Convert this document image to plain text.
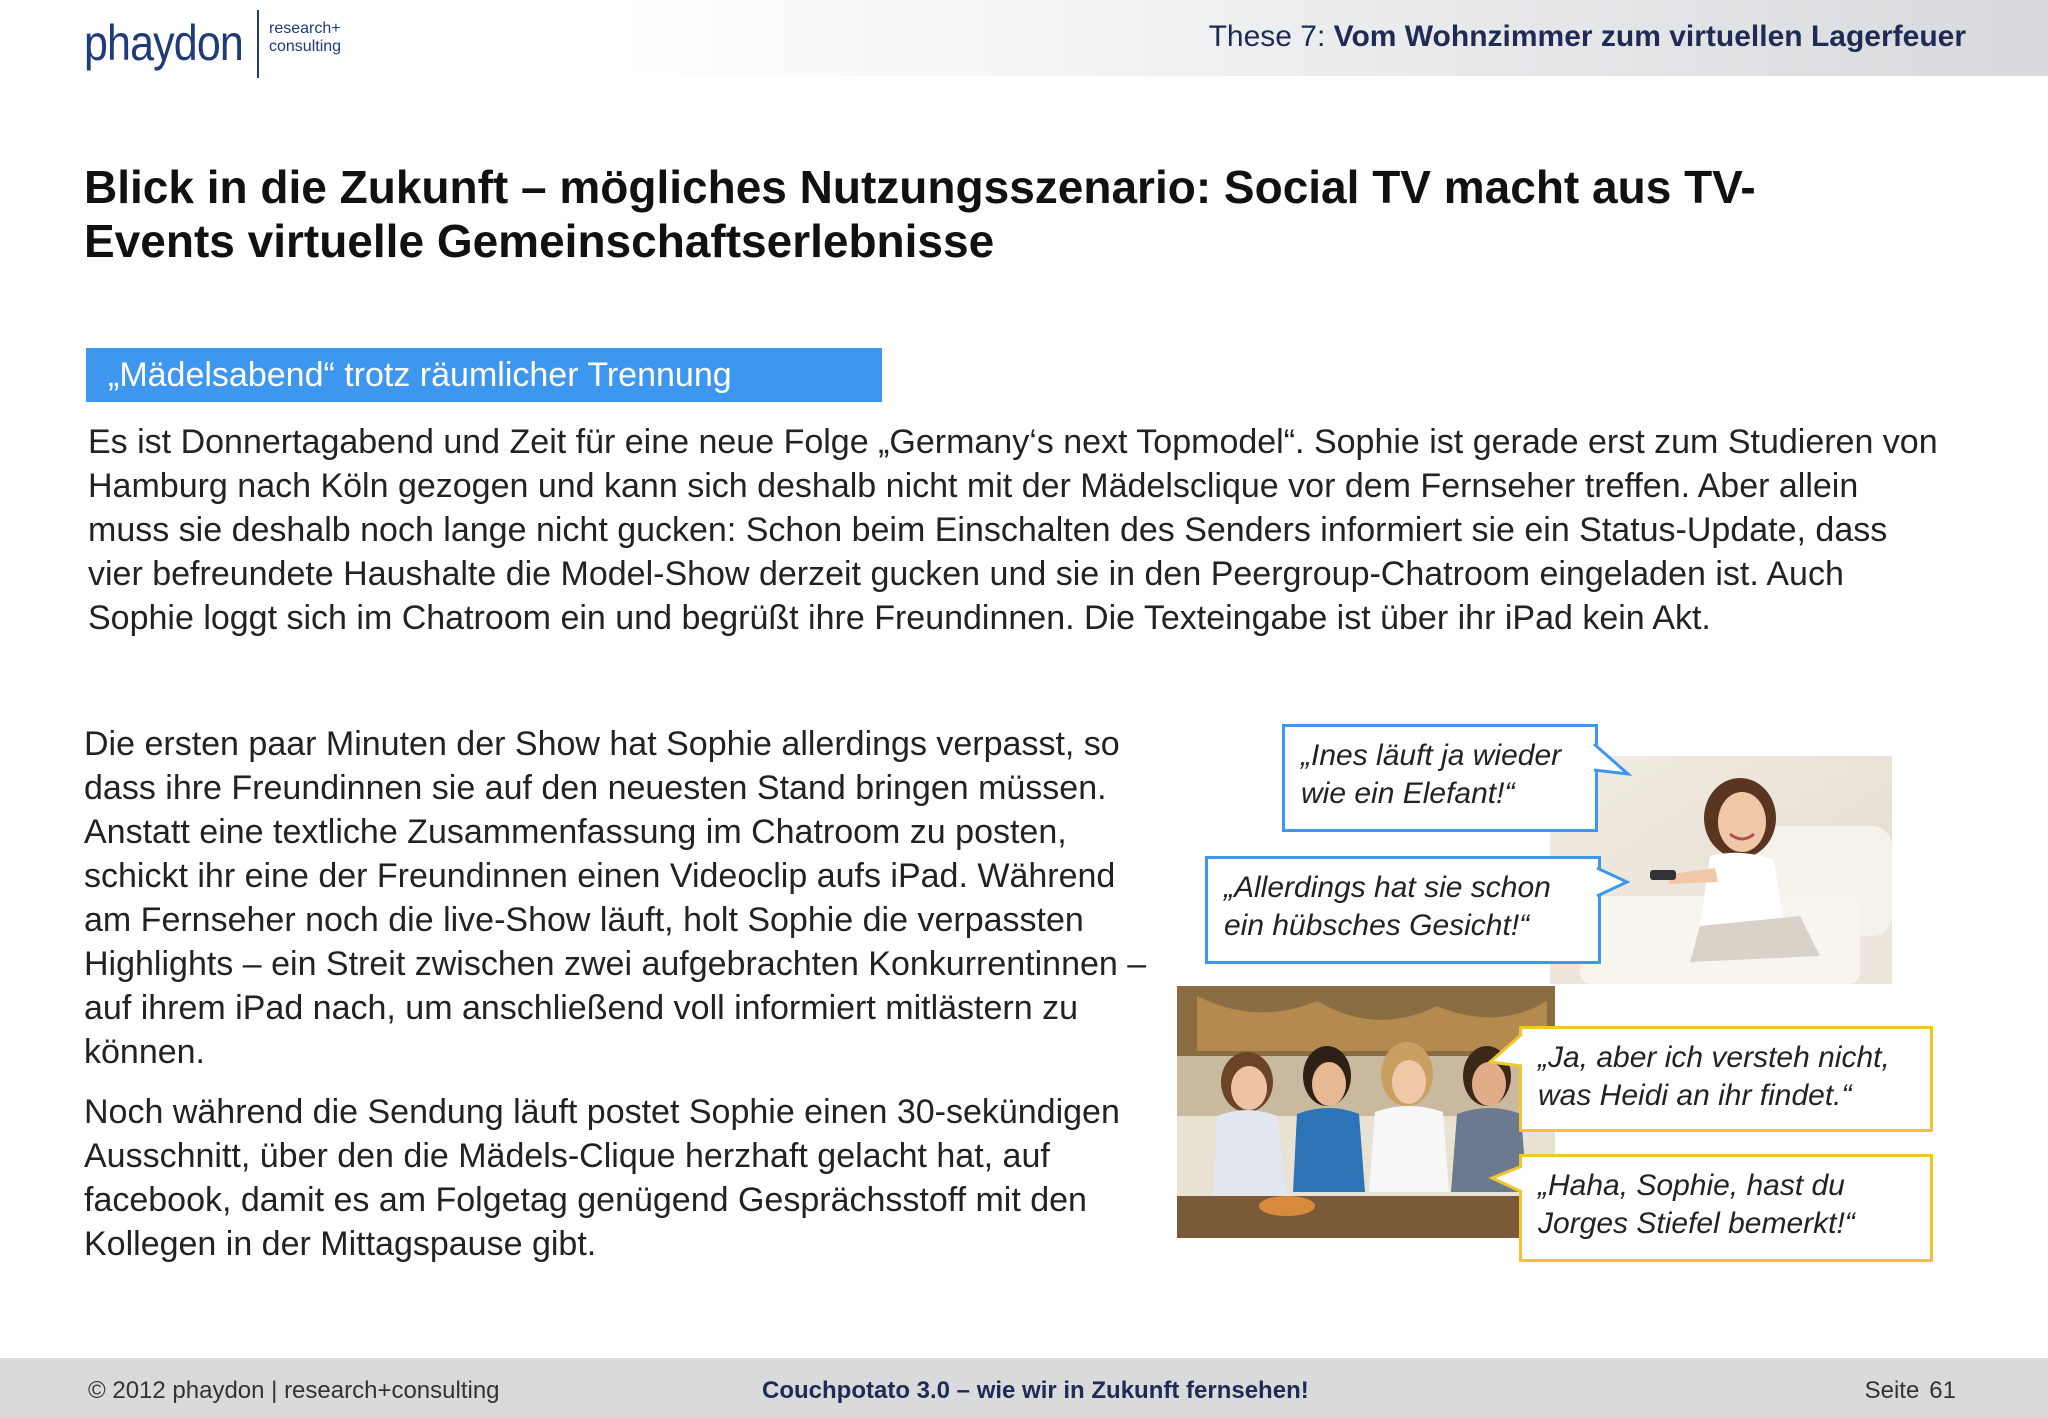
phaydon research+
consulting	These 7: Vom Wohnzimmer zum virtuellen Lagerfeuer
Blick in die Zukunft – mögliches Nutzungsszenario: Social TV macht aus TV-
Events virtuelle Gemeinschaftserlebnisse
„Mädelsabend“ trotz räumlicher Trennung
Es ist Donnertagabend und Zeit für eine neue Folge „Germany‘s next Topmodel“. Sophie ist gerade erst zum Studieren von Hamburg nach Köln gezogen und kann sich deshalb nicht mit der Mädelsclique vor dem Fernseher treffen. Aber allein muss sie deshalb noch lange nicht gucken: Schon beim Einschalten des Senders informiert sie ein Status-Update, dass vier befreundete Haushalte die Model-Show derzeit gucken und sie in den Peergroup-Chatroom eingeladen ist. Auch Sophie loggt sich im Chatroom ein und begrüßt ihre Freundinnen. Die Texteingabe ist über ihr iPad kein Akt.

Die ersten paar Minuten der Show hat Sophie allerdings verpasst, so dass ihre Freundinnen sie auf den neuesten Stand bringen müssen. Anstatt eine textliche Zusammenfassung im Chatroom zu posten, schickt ihr eine der Freundinnen einen Videoclip aufs iPad. Während am Fernseher noch die live-Show läuft, holt Sophie die verpassten Highlights – ein Streit zwischen zwei aufgebrachten Konkurrentinnen – auf ihrem iPad nach, um anschließend voll informiert mitlästern zu können.

Noch während die Sendung läuft postet Sophie einen 30-sekündigen Ausschnitt, über den die Mädels-Clique herzhaft gelacht hat, auf facebook, damit es am Folgetag genügend Gesprächsstoff mit den Kollegen in der Mittagspause gibt.

„Ines läuft ja wieder
wie ein Elefant!“
„Allerdings hat sie schon
ein hübsches Gesicht!“
„Ja, aber ich versteh nicht,
was Heidi an ihr findet.“
„Haha, Sophie, hast du
Jorges Stiefel bemerkt!“
© 2012 phaydon | research+consulting	Couchpotato 3.0 – wie wir in Zukunft fernsehen!	Seite 61
